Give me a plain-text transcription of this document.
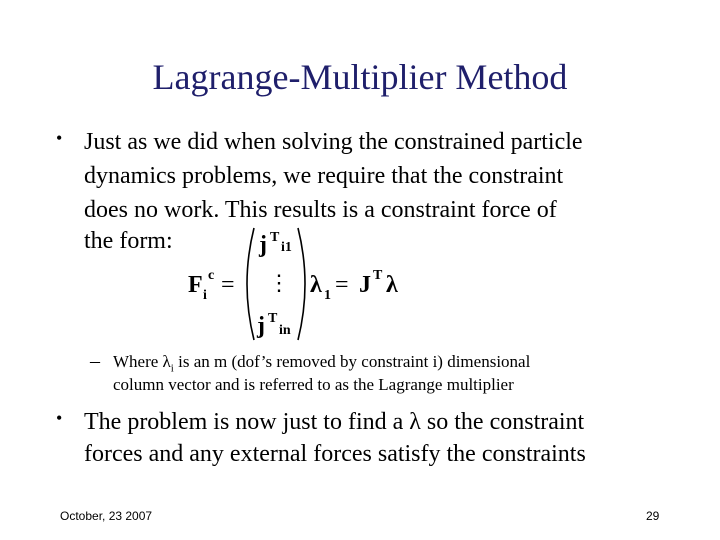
Lagrange-Multiplier Method
• Just as we did when solving the constrained particle
dynamics problems, we require that the constraint
does no work. This results is a constraint force of
the form:
F i
c =
j T
i1
⋮
j T
in
λ 1 = J T λ
– Where $\lambda_i$ is an m (dof’s removed by constraint i) dimensional
column vector and is referred to as the Lagrange multiplier
• The problem is now just to find a λ so the constraint
forces and any external forces satisfy the constraints
October, 23 2007	29
